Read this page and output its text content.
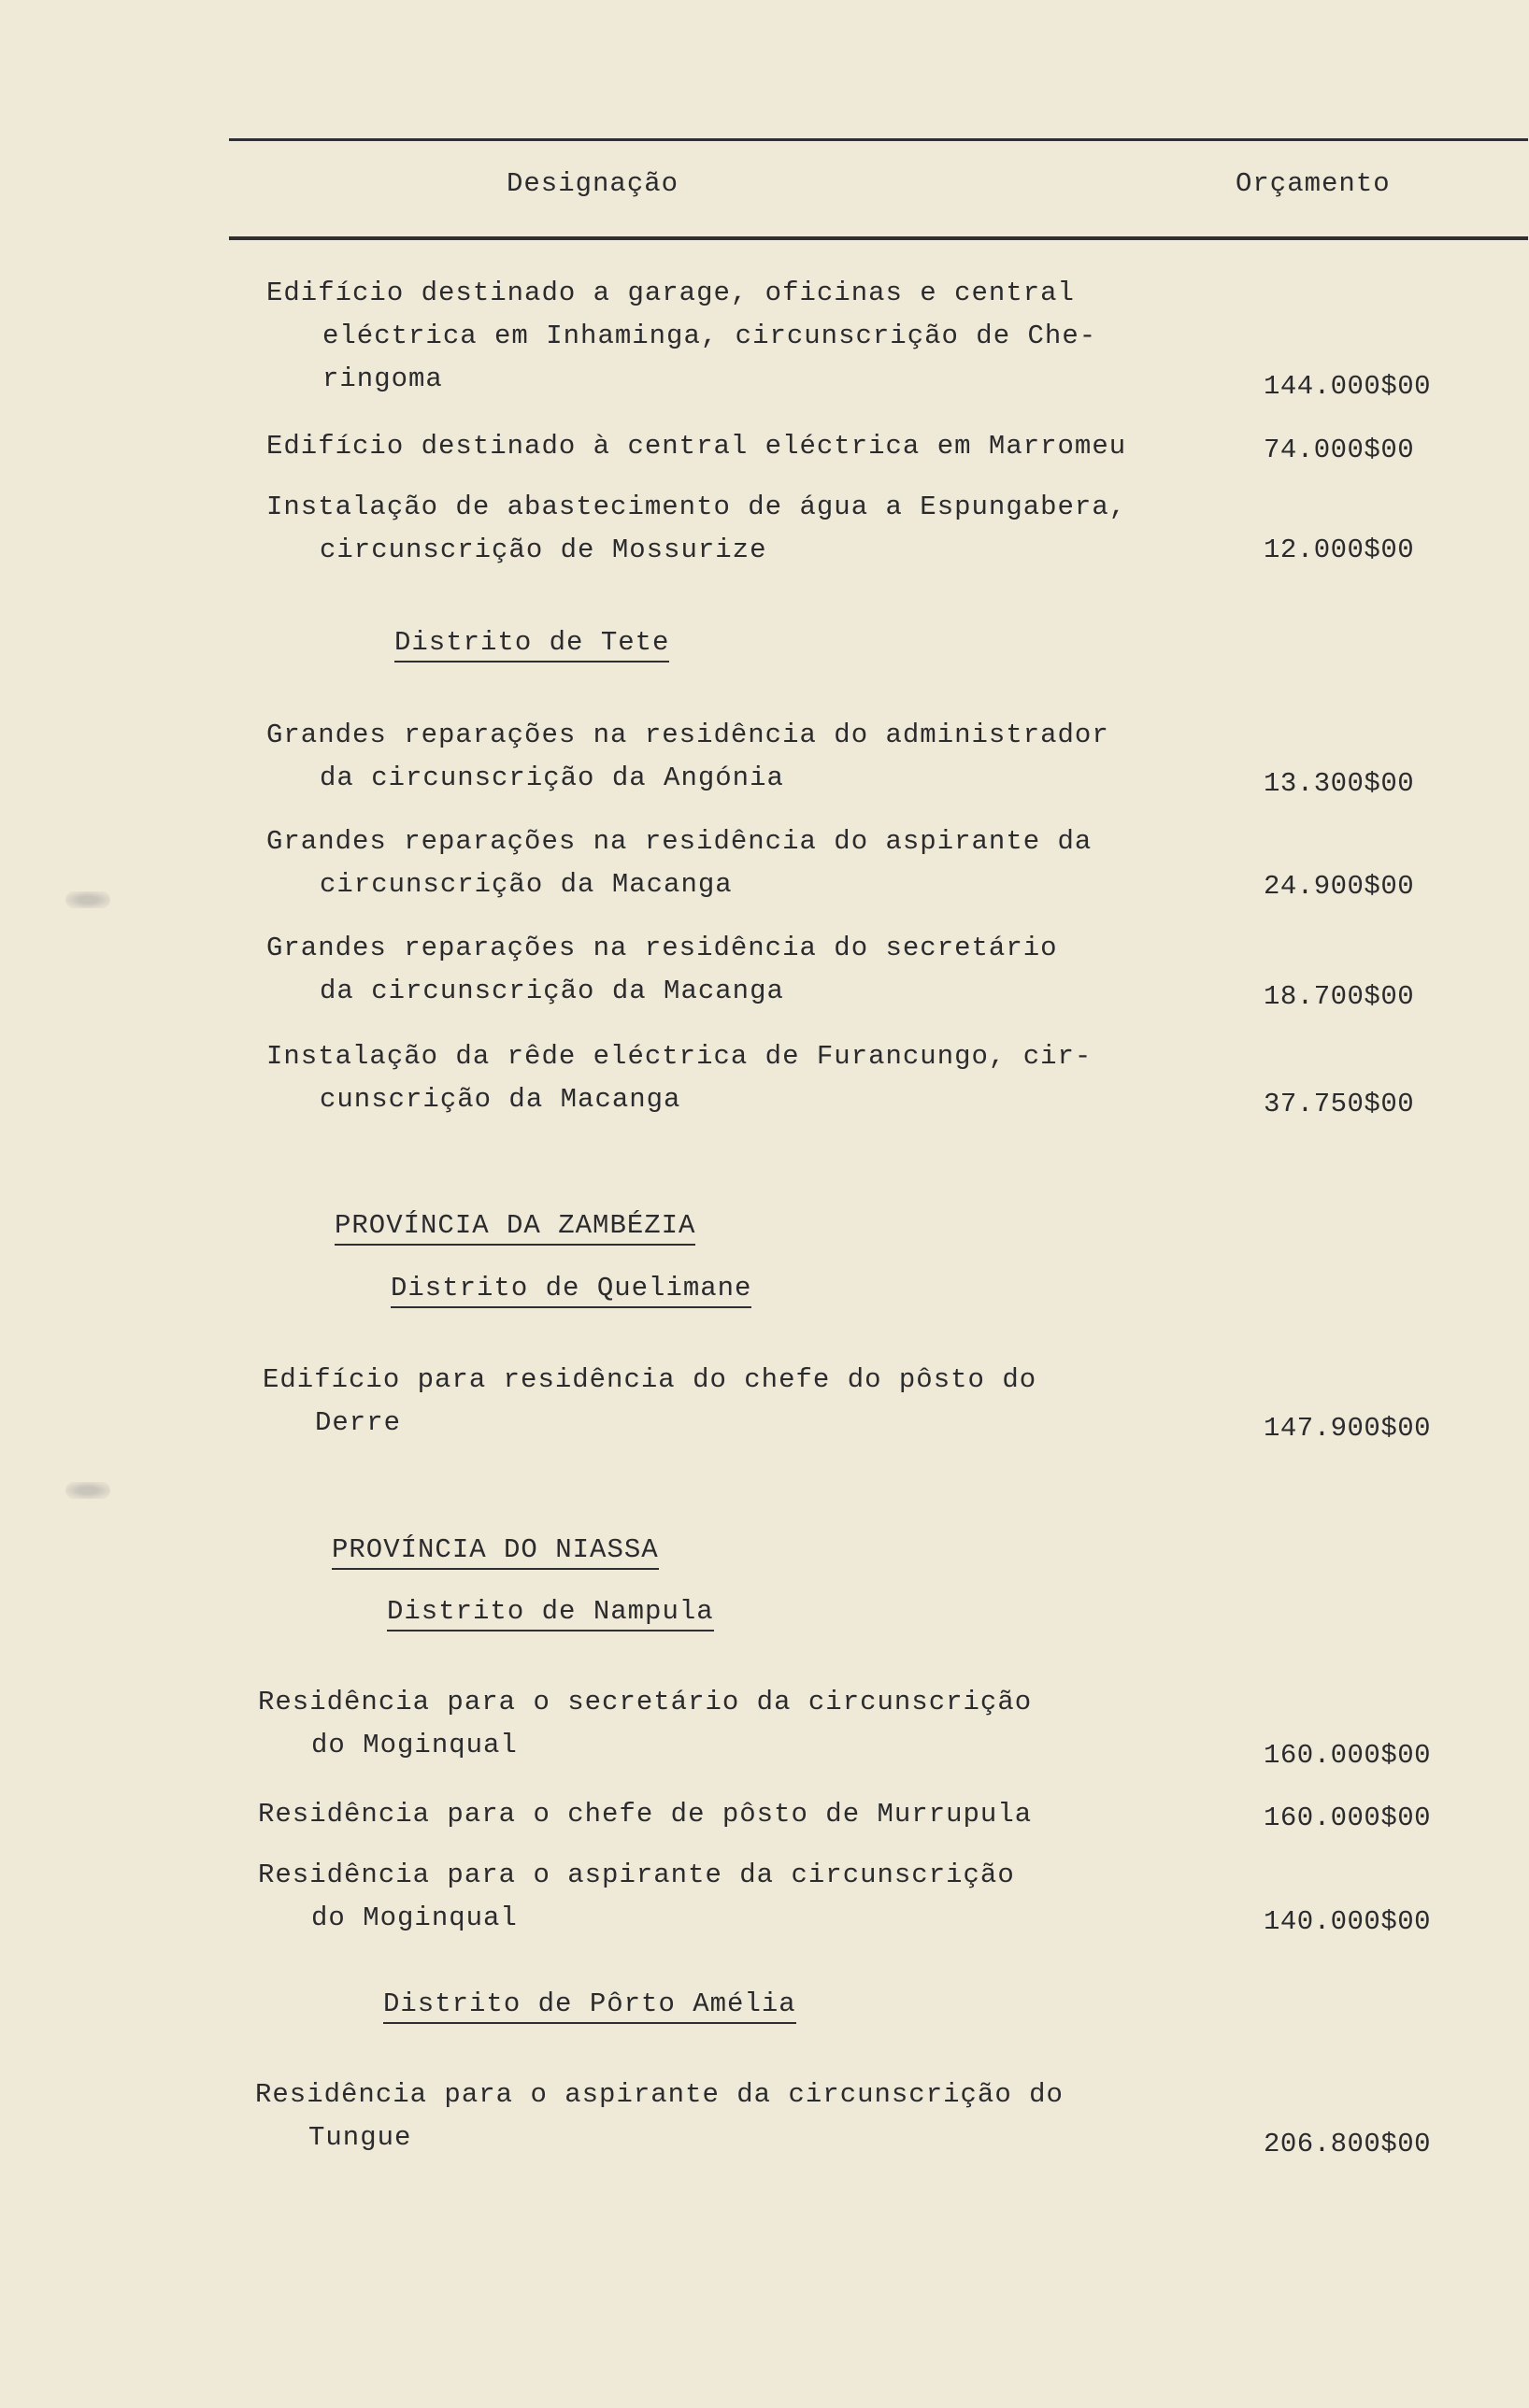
Designação	Orçamento
Edifício destinado a garage, oficinas e central
eléctrica em Inhaminga, circunscrição de Che-
ringoma	144.000$00
Edifício destinado à central eléctrica em Marromeu	74.000$00
Instalação de abastecimento de água a Espungabera,
circunscrição de Mossurize	12.000$00
Distrito de Tete
Grandes reparações na residência do administrador
da circunscrição da Angónia	13.300$00
Grandes reparações na residência do aspirante da
circunscrição da Macanga	24.900$00
Grandes reparações na residência do secretário
da circunscrição da Macanga	18.700$00
Instalação da rêde eléctrica de Furancungo, cir-
cunscrição da Macanga	37.750$00
PROVÍNCIA DA ZAMBÉZIA
Distrito de Quelimane
Edifício para residência do chefe do pôsto do
Derre	147.900$00
PROVÍNCIA DO NIASSA
Distrito de Nampula
Residência para o secretário da circunscrição
do Moginqual	160.000$00
Residência para o chefe de pôsto de Murrupula	160.000$00
Residência para o aspirante da circunscrição
do Moginqual	140.000$00
Distrito de Pôrto Amélia
Residência para o aspirante da circunscrição do
Tungue	206.800$00
